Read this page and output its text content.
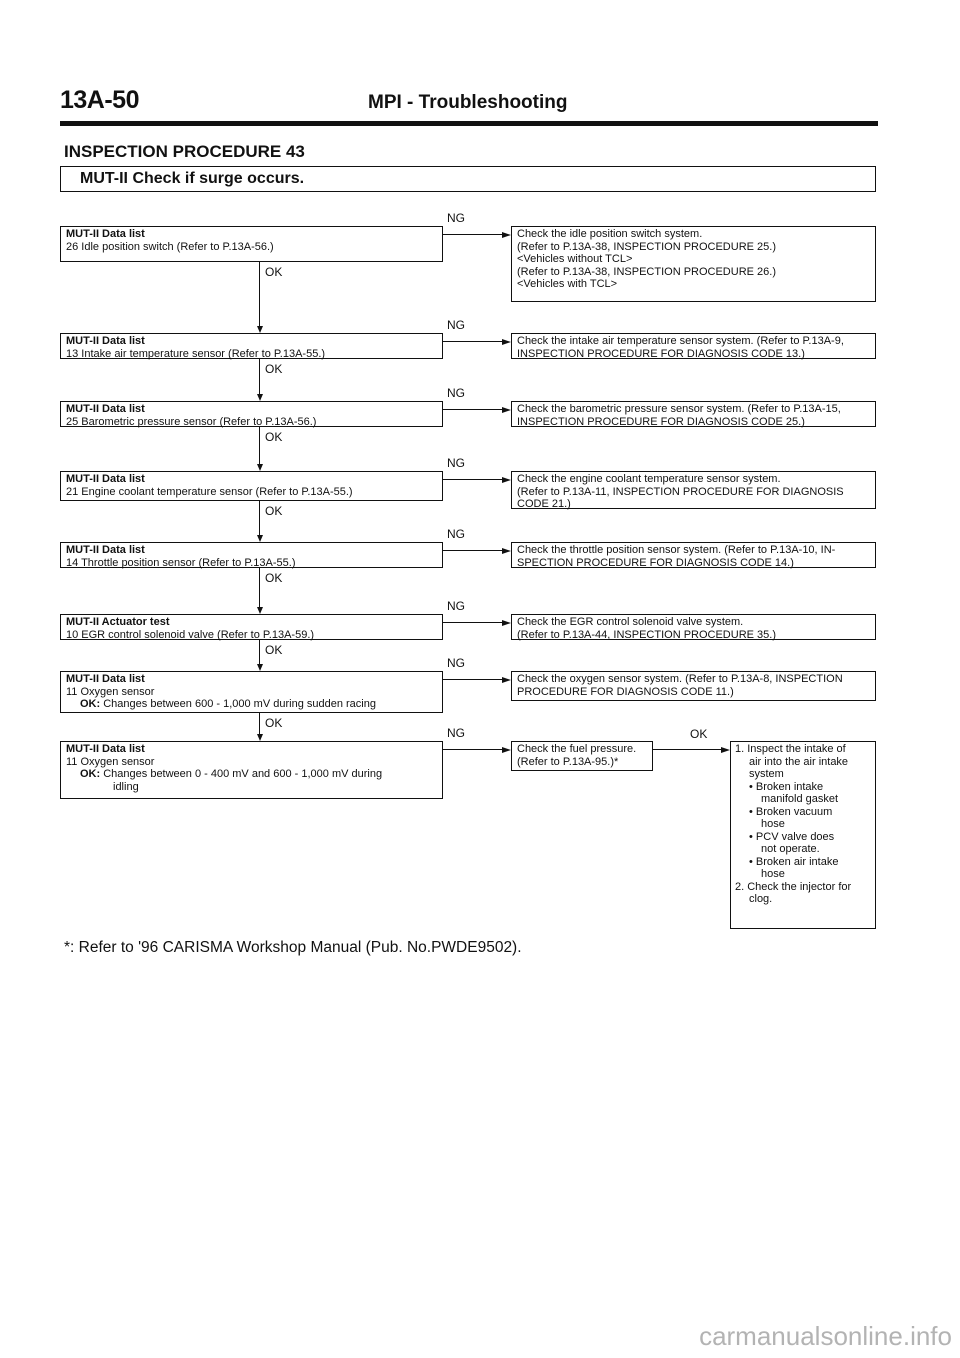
13A-50	MPI - Troubleshooting
INSPECTION PROCEDURE 43
MUT-II Check if surge occurs.
MUT-II Data list
26 Idle position switch (Refer to P.13A-56.)
Check the idle position switch system.
(Refer to P.13A-38, INSPECTION PROCEDURE 25.)
<Vehicles without TCL>
(Refer to P.13A-38, INSPECTION PROCEDURE 26.)
<Vehicles with TCL>
NG
OK
MUT-II Data list
13 Intake air temperature sensor (Refer to P.13A-55.)
Check the intake air temperature sensor system. (Refer to P.13A-9,
INSPECTION PROCEDURE FOR DIAGNOSIS CODE 13.)
NG
OK
MUT-II Data list
25 Barometric pressure sensor (Refer to P.13A-56.)
Check the barometric pressure sensor system. (Refer to P.13A-15,
INSPECTION PROCEDURE FOR DIAGNOSIS CODE 25.)
NG
OK
MUT-II Data list
21 Engine coolant temperature sensor (Refer to P.13A-55.)
Check the engine coolant temperature sensor system.
(Refer to P.13A-11, INSPECTION PROCEDURE FOR DIAGNOSIS
CODE 21.)
NG
OK
MUT-II Data list
14 Throttle position sensor (Refer to P.13A-55.)
Check the throttle position sensor system. (Refer to P.13A-10, IN-
SPECTION PROCEDURE FOR DIAGNOSIS CODE 14.)
NG
OK
MUT-II Actuator test
10 EGR control solenoid valve (Refer to P.13A-59.)
Check the EGR control solenoid valve system.
(Refer to P.13A-44, INSPECTION PROCEDURE 35.)
NG
OK
MUT-II Data list
11 Oxygen sensor
OK: Changes between 600 - 1,000 mV during sudden racing
Check the oxygen sensor system. (Refer to P.13A-8, INSPECTION
PROCEDURE FOR DIAGNOSIS CODE 11.)
NG
OK
MUT-II Data list
11 Oxygen sensor
OK: Changes between 0 - 400 mV and 600 - 1,000 mV during
idling
Check the fuel pressure.
(Refer to P.13A-95.)*
NG	OK
1. Inspect the intake of
air into the air intake
system
• Broken intake
manifold gasket
• Broken vacuum
hose
• PCV valve does
not operate.
• Broken air intake
hose
2. Check the injector for
clog.
*: Refer to '96 CARISMA Workshop Manual (Pub. No.PWDE9502).
carmanualsonline.info
